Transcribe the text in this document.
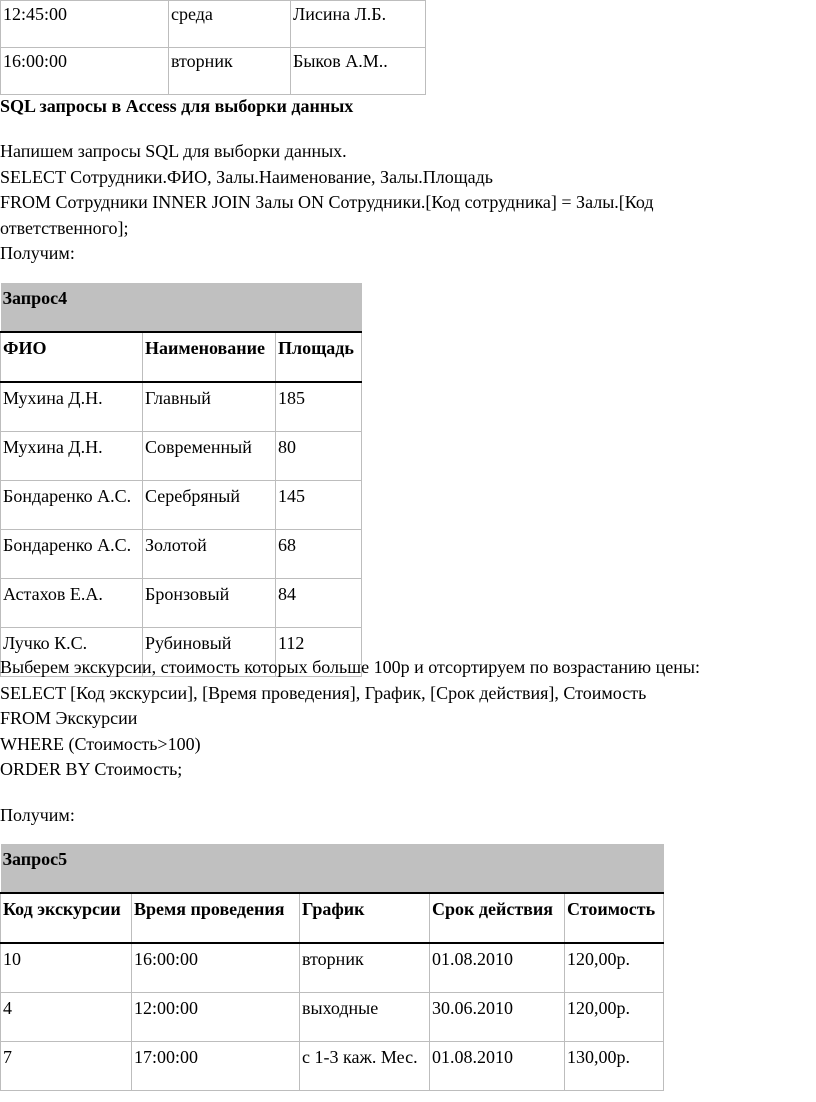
12:45:00	среда	Лисина Л.Б.
16:00:00	вторник	Быков А.М..
SQL запросы в Access для выборки данных
Напишем запросы SQL для выборки данных.
SELECT Сотрудники.ФИО, Залы.Наименование, Залы.Площадь
FROM Сотрудники INNER JOIN Залы ON Сотрудники.[Код сотрудника] = Залы.[Код
ответственного];
Получим:
Запрос4		
ФИО	Наименование	Площадь
Мухина Д.Н.	Главный	185
Мухина Д.Н.	Современный	80
Бондаренко А.С.	Серебряный	145
Бондаренко А.С.	Золотой	68
Астахов Е.А.	Бронзовый	84
Лучко К.С.	Рубиновый	112
Выберем экскурсии, стоимость которых больше 100р и отсортируем по возрастанию цены:
SELECT [Код экскурсии], [Время проведения], График, [Срок действия], Стоимость
FROM Экскурсии
WHERE (Стоимость>100)
ORDER BY Стоимость;
Получим:
Запрос5				
Код экскурсии	Время проведения	График	Срок действия	Стоимость
10	16:00:00	вторник	01.08.2010	120,00р.
4	12:00:00	выходные	30.06.2010	120,00р.
7	17:00:00	с 1-3 каж. Мес.	01.08.2010	130,00р.
